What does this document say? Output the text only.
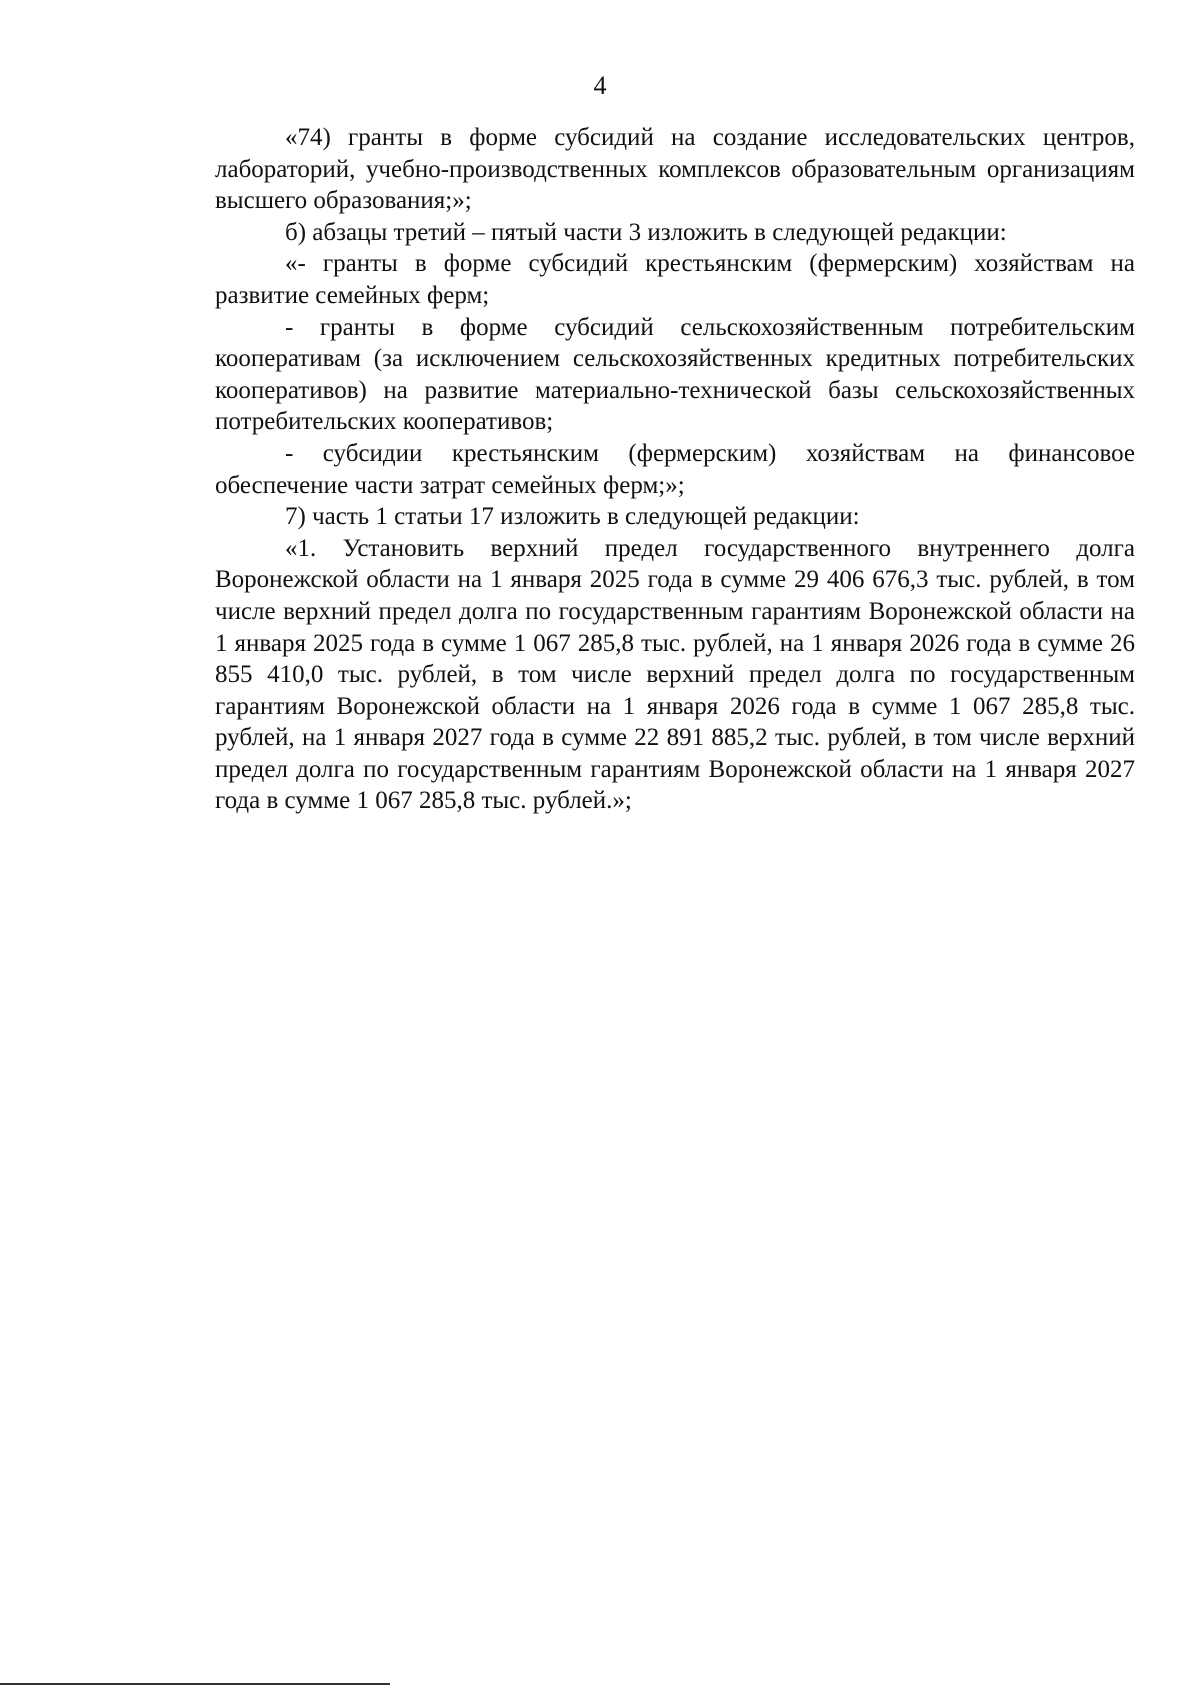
4

«74) гранты в форме субсидий на создание исследовательских центров, лабораторий, учебно-производственных комплексов образовательным организациям высшего образования;»;

б) абзацы третий – пятый части 3 изложить в следующей редакции:

«- гранты в форме субсидий крестьянским (фермерским) хозяйствам на развитие семейных ферм;

- гранты в форме субсидий сельскохозяйственным потребительским кооперативам (за исключением сельскохозяйственных кредитных потребительских кооперативов) на развитие материально-технической базы сельскохозяйственных потребительских кооперативов;

- субсидии крестьянским (фермерским) хозяйствам на финансовое обеспечение части затрат семейных ферм;»;

7) часть 1 статьи 17 изложить в следующей редакции:

«1. Установить верхний предел государственного внутреннего долга Воронежской области на 1 января 2025 года в сумме 29 406 676,3 тыс. рублей, в том числе верхний предел долга по государственным гарантиям Воронежской области на 1 января 2025 года в сумме 1 067 285,8 тыс. рублей, на 1 января 2026 года в сумме 26 855 410,0 тыс. рублей, в том числе верхний предел долга по государственным гарантиям Воронежской области на 1 января 2026 года в сумме 1 067 285,8 тыс. рублей, на 1 января 2027 года в сумме 22 891 885,2 тыс. рублей, в том числе верхний предел долга по государственным гарантиям Воронежской области на 1 января 2027 года в сумме 1 067 285,8 тыс. рублей.»;
